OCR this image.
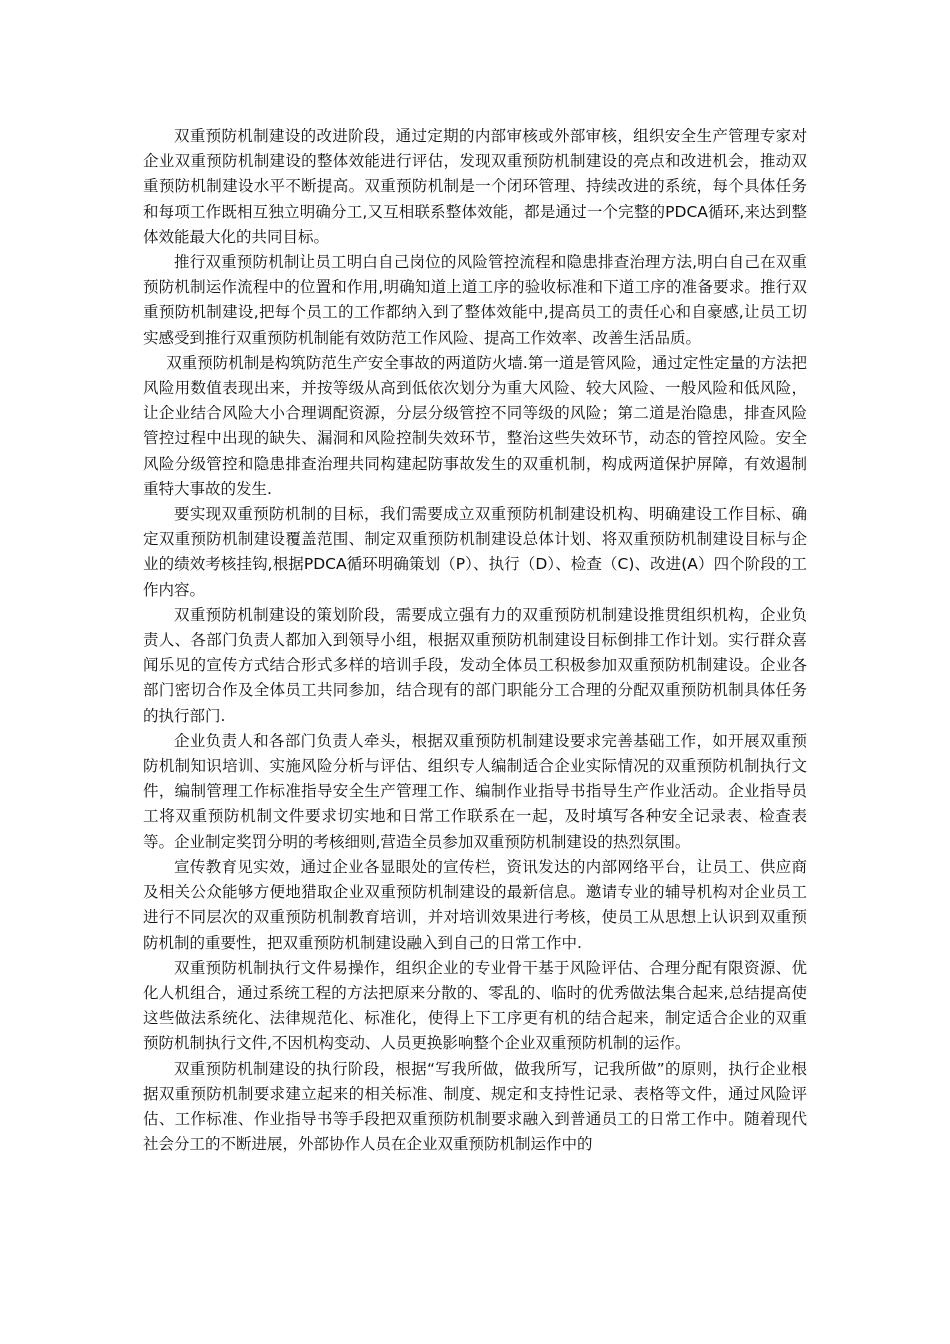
双重预防机制建设的改进阶段，通过定期的内部审核或外部审核，组织安全生产管理专家对企业双重预防机制建设的整体效能进行评估，发现双重预防机制建设的亮点和改进机会，推动双重预防机制建设水平不断提高。双重预防机制是一个闭环管理、持续改进的系统，每个具体任务和每项工作既相互独立明确分工,又互相联系整体效能，都是通过一个完整的PDCA循环,来达到整体效能最大化的共同目标。

推行双重预防机制让员工明白自己岗位的风险管控流程和隐患排查治理方法,明白自己在双重预防机制运作流程中的位置和作用,明确知道上道工序的验收标准和下道工序的准备要求。推行双重预防机制建设,把每个员工的工作都纳入到了整体效能中,提高员工的责任心和自豪感,让员工切实感受到推行双重预防机制能有效防范工作风险、提高工作效率、改善生活品质。

双重预防机制是构筑防范生产安全事故的两道防火墙.第一道是管风险，通过定性定量的方法把风险用数值表现出来，并按等级从高到低依次划分为重大风险、较大风险、一般风险和低风险，让企业结合风险大小合理调配资源，分层分级管控不同等级的风险；第二道是治隐患，排查风险管控过程中出现的缺失、漏洞和风险控制失效环节，整治这些失效环节，动态的管控风险。安全风险分级管控和隐患排查治理共同构建起防事故发生的双重机制，构成两道保护屏障，有效遏制重特大事故的发生.

要实现双重预防机制的目标，我们需要成立双重预防机制建设机构、明确建设工作目标、确定双重预防机制建设覆盖范围、制定双重预防机制建设总体计划、将双重预防机制建设目标与企业的绩效考核挂钩,根据PDCA循环明确策划（P）、执行（D）、检查（C)、改进(A）四个阶段的工作内容。

双重预防机制建设的策划阶段，需要成立强有力的双重预防机制建设推贯组织机构，企业负责人、各部门负责人都加入到领导小组，根据双重预防机制建设目标倒排工作计划。实行群众喜闻乐见的宣传方式结合形式多样的培训手段，发动全体员工积极参加双重预防机制建设。企业各部门密切合作及全体员工共同参加，结合现有的部门职能分工合理的分配双重预防机制具体任务的执行部门.

企业负责人和各部门负责人牵头，根据双重预防机制建设要求完善基础工作，如开展双重预防机制知识培训、实施风险分析与评估、组织专人编制适合企业实际情况的双重预防机制执行文件，编制管理工作标准指导安全生产管理工作、编制作业指导书指导生产作业活动。企业指导员工将双重预防机制文件要求切实地和日常工作联系在一起，及时填写各种安全记录表、检查表等。企业制定奖罚分明的考核细则,营造全员参加双重预防机制建设的热烈氛围。

宣传教育见实效，通过企业各显眼处的宣传栏，资讯发达的内部网络平台，让员工、供应商及相关公众能够方便地猎取企业双重预防机制建设的最新信息。邀请专业的辅导机构对企业员工进行不同层次的双重预防机制教育培训，并对培训效果进行考核，使员工从思想上认识到双重预防机制的重要性，把双重预防机制建设融入到自己的日常工作中.

双重预防机制执行文件易操作，组织企业的专业骨干基于风险评估、合理分配有限资源、优化人机组合，通过系统工程的方法把原来分散的、零乱的、临时的优秀做法集合起来,总结提高使这些做法系统化、法律规范化、标准化，使得上下工序更有机的结合起来，制定适合企业的双重预防机制执行文件,不因机构变动、人员更换影响整个企业双重预防机制的运作。

双重预防机制建设的执行阶段，根据“写我所做，做我所写，记我所做”的原则，执行企业根据双重预防机制要求建立起来的相关标准、制度、规定和支持性记录、表格等文件，通过风险评估、工作标准、作业指导书等手段把双重预防机制要求融入到普通员工的日常工作中。随着现代社会分工的不断进展，外部协作人员在企业双重预防机制运作中的
